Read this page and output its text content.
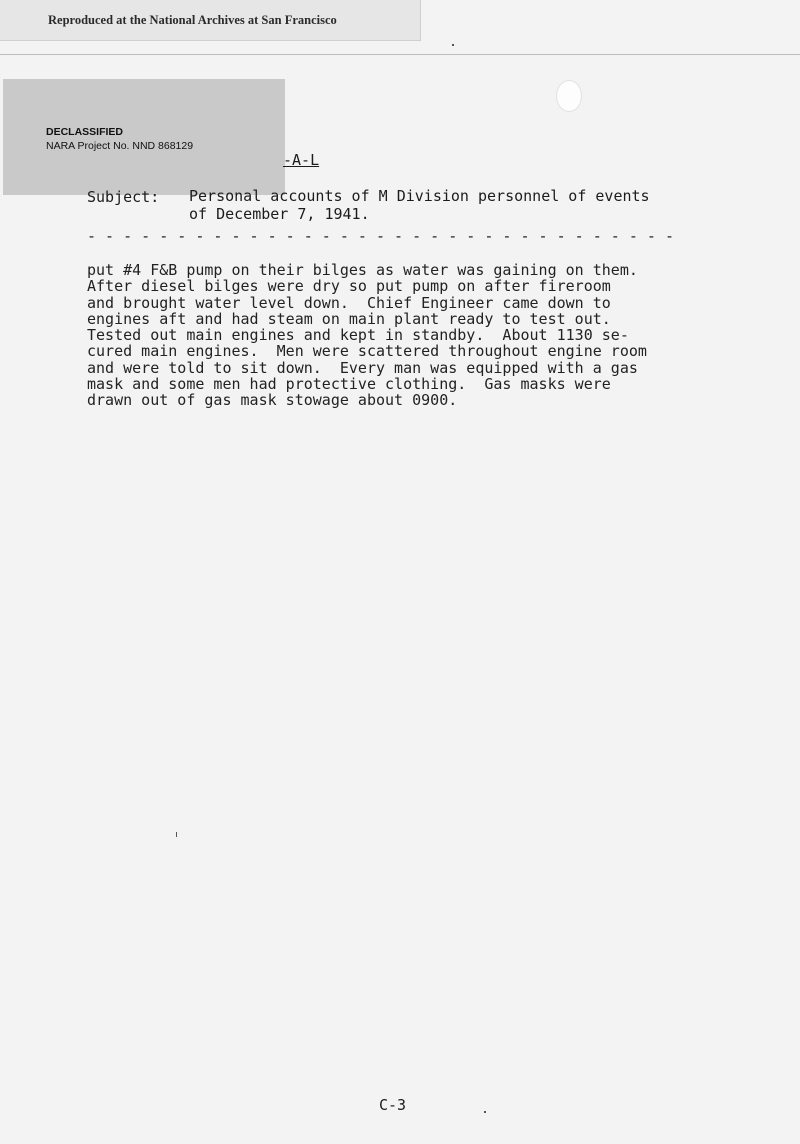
Reproduced at the National Archives at San Francisco
DECLASSIFIED
NARA Project No. NND 868129
-A-L
Subject: Personal accounts of M Division personnel of events
of December 7, 1941.
- - - - - - - - - - - - - - - - - - - - - - - - - - - - - - - - -
put #4 F&B pump on their bilges as water was gaining on them.
After diesel bilges were dry so put pump on after fireroom
and brought water level down.  Chief Engineer came down to
engines aft and had steam on main plant ready to test out.
Tested out main engines and kept in standby.  About 1130 se-
cured main engines.  Men were scattered throughout engine room
and were told to sit down.  Every man was equipped with a gas
mask and some men had protective clothing.  Gas masks were
drawn out of gas mask stowage about 0900.
C-3
